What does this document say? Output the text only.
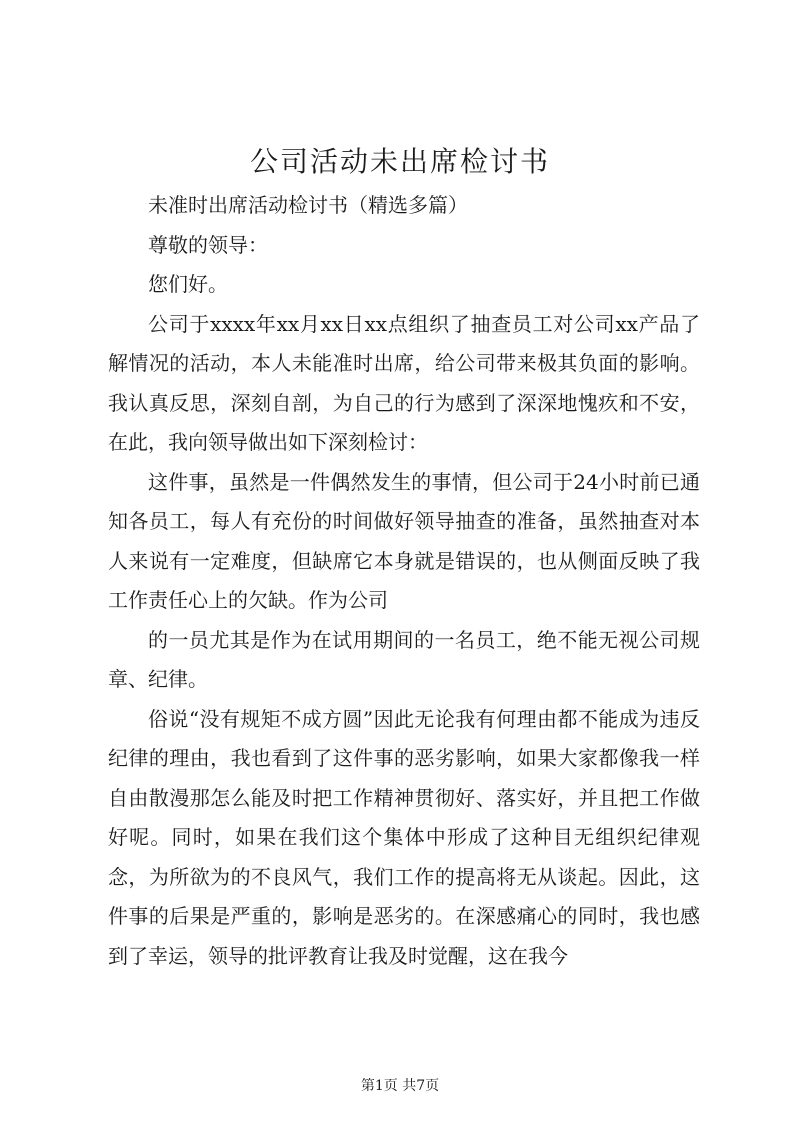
公司活动未出席检讨书

未准时出席活动检讨书（精选多篇）

尊敬的领导：

您们好。

公司于xxxx年xx月xx日xx点组织了抽查员工对公司xx产品了解情况的活动，本人未能准时出席，给公司带来极其负面的影响。我认真反思，深刻自剖，为自己的行为感到了深深地愧疚和不安，在此，我向领导做出如下深刻检讨：

这件事，虽然是一件偶然发生的事情，但公司于24小时前已通知各员工，每人有充份的时间做好领导抽查的准备，虽然抽查对本人来说有一定难度，但缺席它本身就是错误的，也从侧面反映了我工作责任心上的欠缺。作为公司

的一员尤其是作为在试用期间的一名员工，绝不能无视公司规章、纪律。

俗说“没有规矩不成方圆”因此无论我有何理由都不能成为违反纪律的理由，我也看到了这件事的恶劣影响，如果大家都像我一样自由散漫那怎么能及时把工作精神贯彻好、落实好，并且把工作做好呢。同时，如果在我们这个集体中形成了这种目无组织纪律观念，为所欲为的不良风气，我们工作的提高将无从谈起。因此，这件事的后果是严重的，影响是恶劣的。在深感痛心的同时，我也感到了幸运，领导的批评教育让我及时觉醒，这在我今

第1页 共7页
